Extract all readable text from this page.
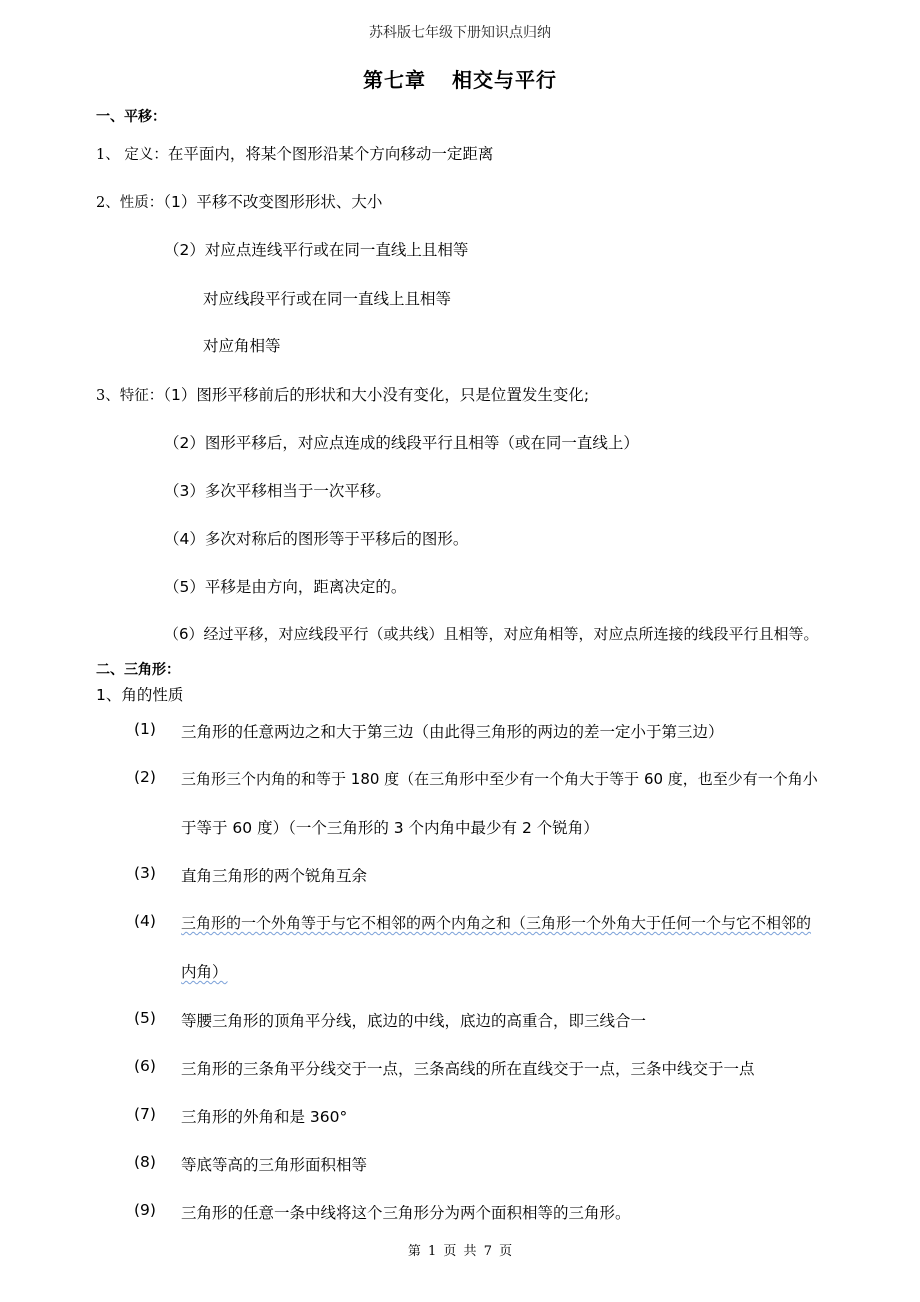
苏科版七年级下册知识点归纳
第七章 相交与平行
一、平移：
1、 定义：在平面内，将某个图形沿某个方向移动一定距离
2、性质：（1）平移不改变图形形状、大小
（2）对应点连线平行或在同一直线上且相等
对应线段平行或在同一直线上且相等
对应角相等
3、特征：（1）图形平移前后的形状和大小没有变化，只是位置发生变化;
（2）图形平移后，对应点连成的线段平行且相等（或在同一直线上）
（3）多次平移相当于一次平移。
（4）多次对称后的图形等于平移后的图形。
（5）平移是由方向，距离决定的。
（6）经过平移，对应线段平行（或共线）且相等，对应角相等，对应点所连接的线段平行且相等。
二、三角形：
1、角的性质
(1) 三角形的任意两边之和大于第三边（由此得三角形的两边的差一定小于第三边）
(2) 三角形三个内角的和等于 180 度（在三角形中至少有一个角大于等于 60 度，也至少有一个角小
于等于 60 度）（一个三角形的 3 个内角中最少有 2 个锐角）
(3) 直角三角形的两个锐角互余
(4) 三角形的一个外角等于与它不相邻的两个内角之和（三角形一个外角大于任何一个与它不相邻的
内角）
(5) 等腰三角形的顶角平分线，底边的中线，底边的高重合，即三线合一
(6) 三角形的三条角平分线交于一点，三条高线的所在直线交于一点，三条中线交于一点
(7) 三角形的外角和是 360°
(8) 等底等高的三角形面积相等
(9) 三角形的任意一条中线将这个三角形分为两个面积相等的三角形。
第 1 页 共 7 页
